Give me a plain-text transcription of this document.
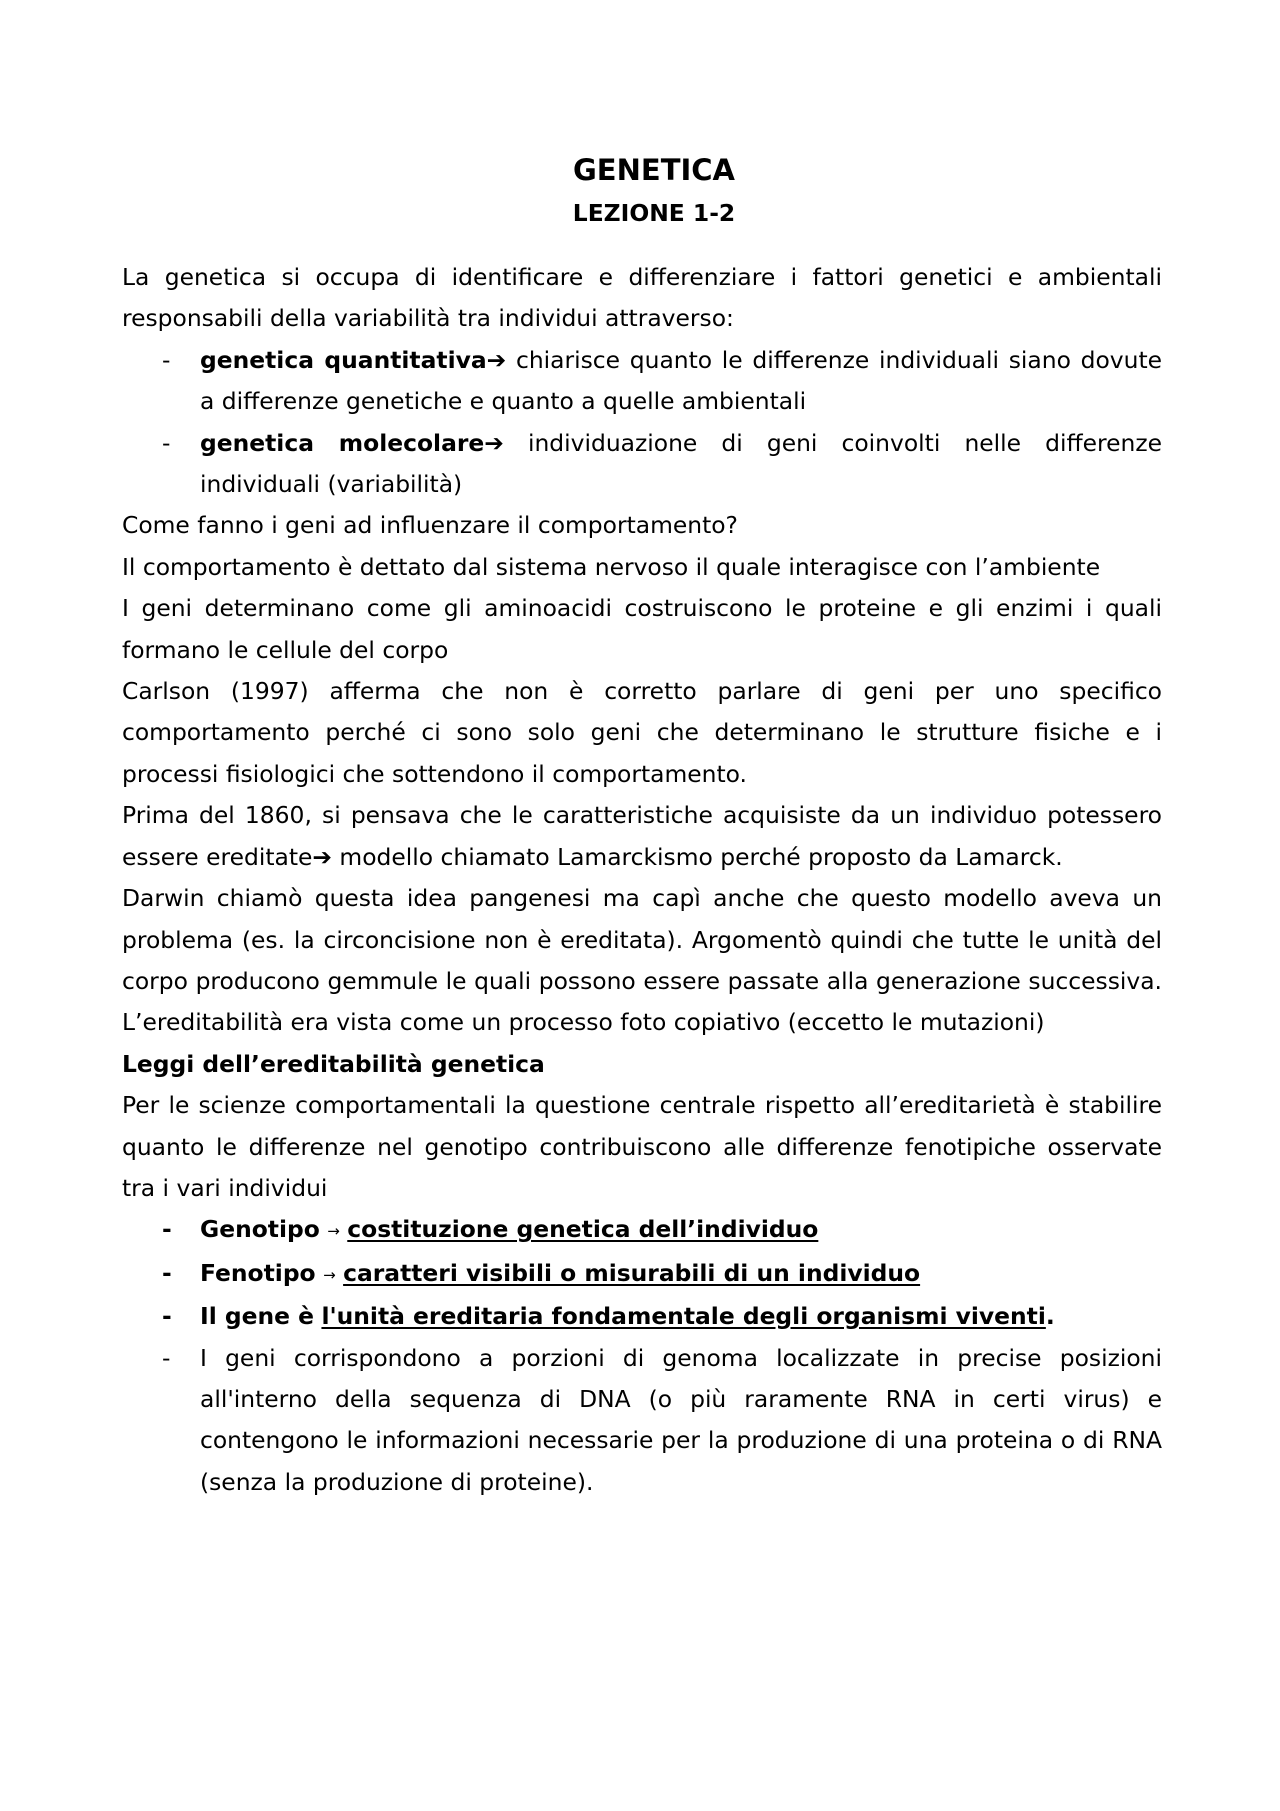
GENETICA
LEZIONE 1-2

La genetica si occupa di identificare e differenziare i fattori genetici e ambientali responsabili della variabilità tra individui attraverso:

- genetica quantitativa➔ chiarisce quanto le differenze individuali siano dovute a differenze genetiche e quanto a quelle ambientali
- genetica molecolare➔ individuazione di geni coinvolti nelle differenze individuali (variabilità)

Come fanno i geni ad influenzare il comportamento?

Il comportamento è dettato dal sistema nervoso il quale interagisce con l’ambiente

I geni determinano come gli aminoacidi costruiscono le proteine e gli enzimi i quali formano le cellule del corpo

Carlson (1997) afferma che non è corretto parlare di geni per uno specifico comportamento perché ci sono solo geni che determinano le strutture fisiche e i processi fisiologici che sottendono il comportamento.

Prima del 1860, si pensava che le caratteristiche acquisiste da un individuo potessero essere ereditate➔ modello chiamato Lamarckismo perché proposto da Lamarck.

Darwin chiamò questa idea pangenesi ma capì anche che questo modello aveva un problema (es. la circoncisione non è ereditata). Argomentò quindi che tutte le unità del corpo producono gemmule le quali possono essere passate alla generazione successiva. L’ereditabilità era vista come un processo foto copiativo (eccetto le mutazioni)

Leggi dell’ereditabilità genetica

Per le scienze comportamentali la questione centrale rispetto all’ereditarietà è stabilire quanto le differenze nel genotipo contribuiscono alle differenze fenotipiche osservate tra i vari individui

- Genotipo → costituzione genetica dell’individuo
- Fenotipo → caratteri visibili o misurabili di un individuo
- Il gene è l'unità ereditaria fondamentale degli organismi viventi.
- I geni corrispondono a porzioni di genoma localizzate in precise posizioni all'interno della sequenza di DNA (o più raramente RNA in certi virus) e contengono le informazioni necessarie per la produzione di una proteina o di RNA (senza la produzione di proteine).
